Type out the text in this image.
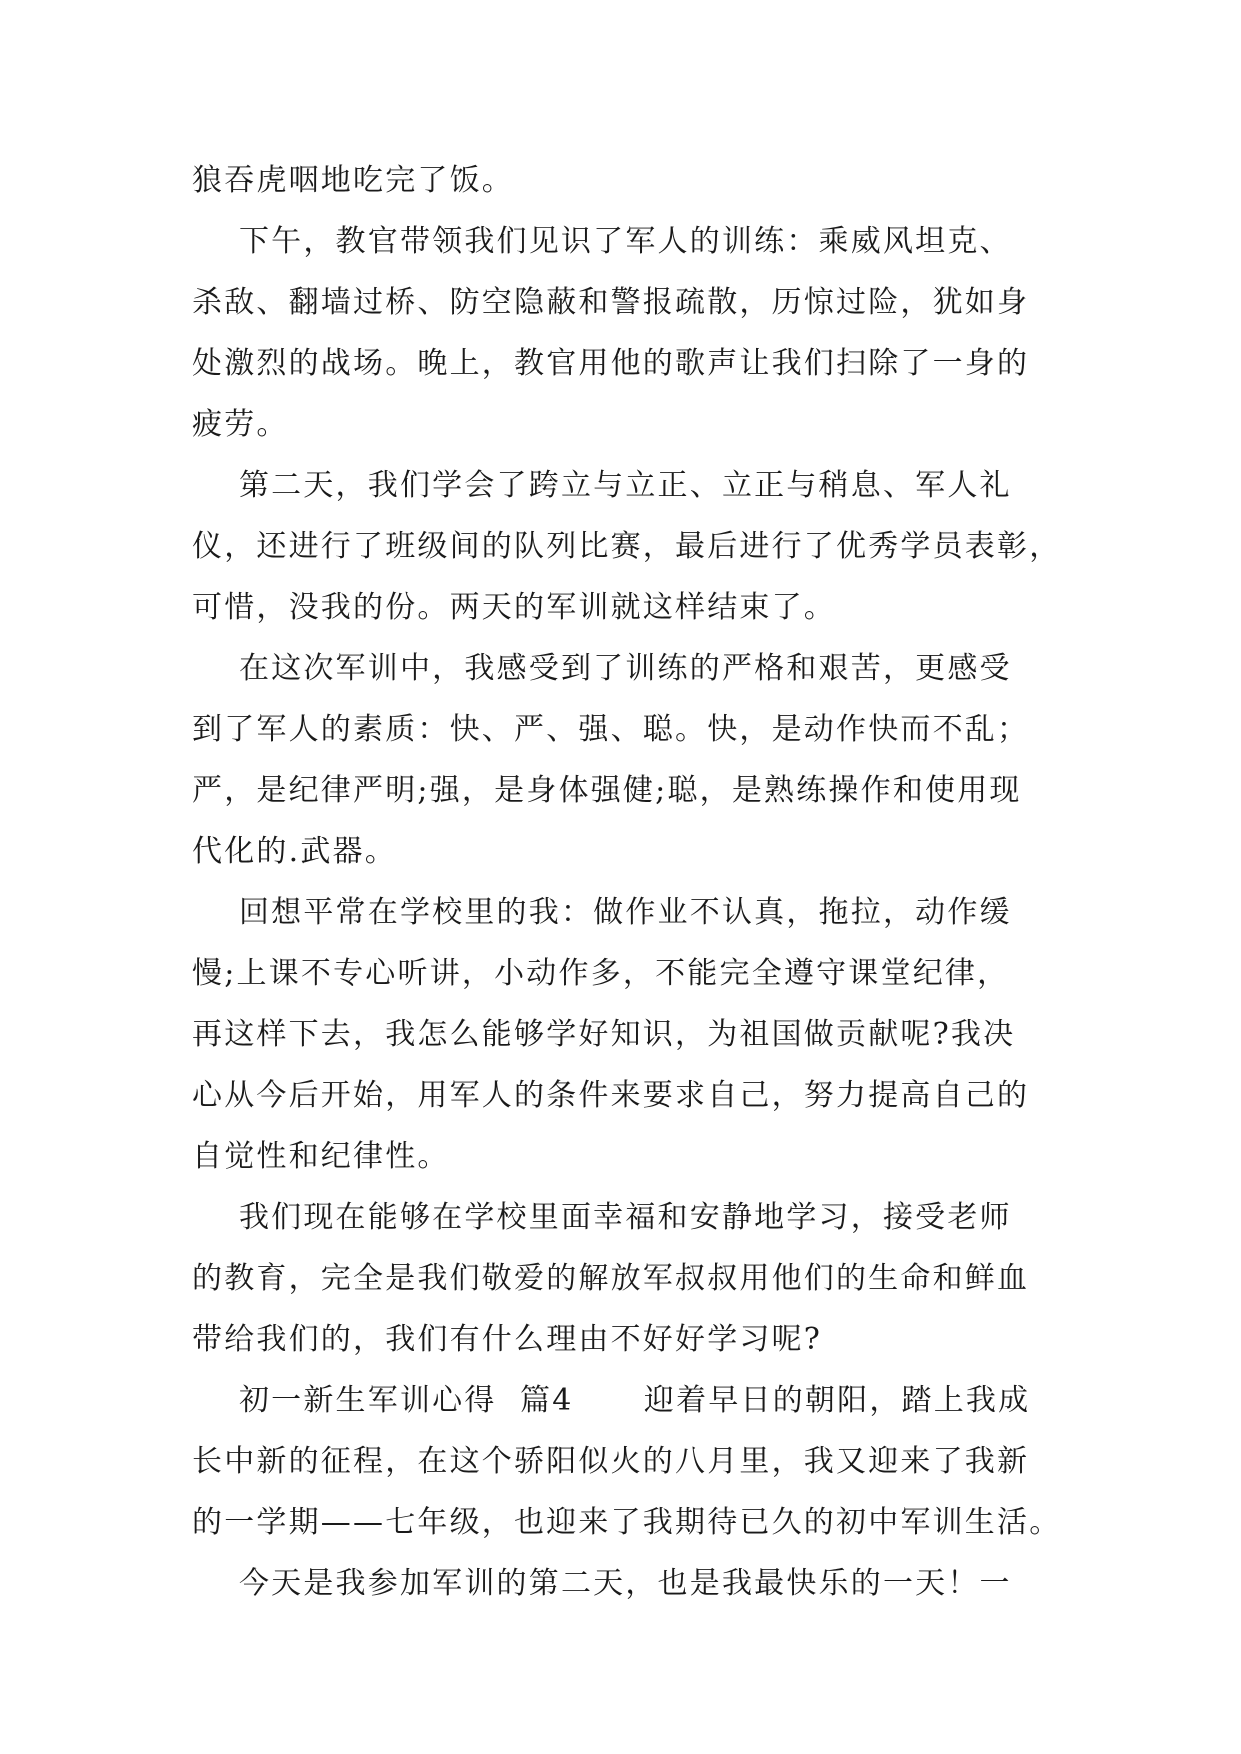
狼吞虎咽地吃完了饭。
下午，教官带领我们见识了军人的训练：乘威风坦克、
杀敌、翻墙过桥、防空隐蔽和警报疏散，历惊过险，犹如身
处激烈的战场。晚上，教官用他的歌声让我们扫除了一身的
疲劳。
第二天，我们学会了跨立与立正、立正与稍息、军人礼
仪，还进行了班级间的队列比赛，最后进行了优秀学员表彰，
可惜，没我的份。两天的军训就这样结束了。
在这次军训中，我感受到了训练的严格和艰苦，更感受
到了军人的素质：快、严、强、聪。快，是动作快而不乱；
严，是纪律严明;强，是身体强健;聪，是熟练操作和使用现
代化的.武器。
回想平常在学校里的我：做作业不认真，拖拉，动作缓
慢;上课不专心听讲，小动作多，不能完全遵守课堂纪律，
再这样下去，我怎么能够学好知识，为祖国做贡献呢?我决
心从今后开始，用军人的条件来要求自己，努力提高自己的
自觉性和纪律性。
我们现在能够在学校里面幸福和安静地学习，接受老师
的教育，完全是我们敬爱的解放军叔叔用他们的生命和鲜血
带给我们的，我们有什么理由不好好学习呢?
初一新生军训心得  篇4      迎着早日的朝阳，踏上我成
长中新的征程，在这个骄阳似火的八月里，我又迎来了我新
的一学期——七年级，也迎来了我期待已久的初中军训生活。
今天是我参加军训的第二天，也是我最快乐的一天！一
